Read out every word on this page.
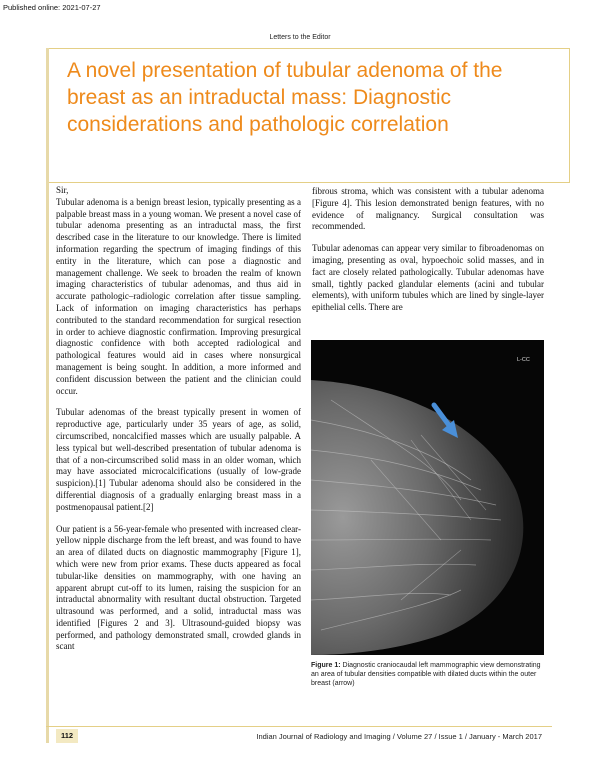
Published online: 2021-07-27
Letters to the Editor
A novel presentation of tubular adenoma of the breast as an intraductal mass: Diagnostic considerations and pathologic correlation

Sir,

Tubular adenoma is a benign breast lesion, typically presenting as a palpable breast mass in a young woman. We present a novel case of tubular adenoma presenting as an intraductal mass, the first described case in the literature to our knowledge. There is limited information regarding the spectrum of imaging findings of this entity in the literature, which can pose a diagnostic and management challenge. We seek to broaden the realm of known imaging characteristics of tubular adenomas, and thus aid in accurate pathologic–radiologic correlation after tissue sampling. Lack of information on imaging characteristics has perhaps contributed to the standard recommendation for surgical resection in order to achieve diagnostic confirmation. Improving presurgical diagnostic confidence with both accepted radiological and pathological features would aid in cases where nonsurgical management is being sought. In addition, a more informed and confident discussion between the patient and the clinician could occur.

Tubular adenomas of the breast typically present in women of reproductive age, particularly under 35 years of age, as solid, circumscribed, noncalcified masses which are usually palpable. A less typical but well-described presentation of tubular adenoma is that of a non-circumscribed solid mass in an older woman, which may have associated microcalcifications (usually of low-grade suspicion).[1] Tubular adenoma should also be considered in the differential diagnosis of a gradually enlarging breast mass in a postmenopausal patient.[2]

Our patient is a 56-year-female who presented with increased clear-yellow nipple discharge from the left breast, and was found to have an area of dilated ducts on diagnostic mammography [Figure 1], which were new from prior exams. These ducts appeared as focal tubular-like densities on mammography, with one having an apparent abrupt cut-off to its lumen, raising the suspicion for an intraductal abnormality with resultant ductal obstruction. Targeted ultrasound was performed, and a solid, intraductal mass was identified [Figures 2 and 3]. Ultrasound-guided biopsy was performed, and pathology demonstrated small, crowded glands in scant

fibrous stroma, which was consistent with a tubular adenoma [Figure 4]. This lesion demonstrated benign features, with no evidence of malignancy. Surgical consultation was recommended.

Tubular adenomas can appear very similar to fibroadenomas on imaging, presenting as oval, hypoechoic solid masses, and in fact are closely related pathologically. Tubular adenomas have small, tightly packed glandular elements (acini and tubular elements), with uniform tubules which are lined by single-layer epithelial cells. There are

L-CC
Figure 1: Diagnostic craniocaudal left mammographic view demonstrating an area of tubular densities compatible with dilated ducts within the outer breast (arrow)
112	Indian Journal of Radiology and Imaging / Volume 27 / Issue 1 / January - March 2017
